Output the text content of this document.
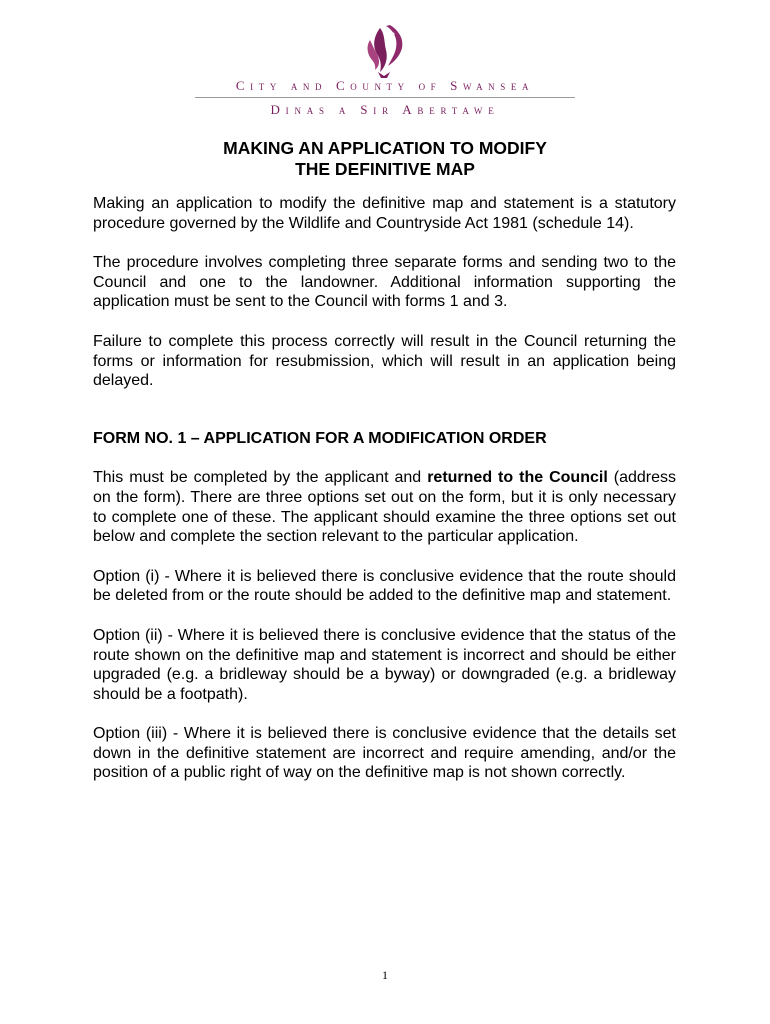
City and County of Swansea
Dinas a Sir Abertawe
MAKING AN APPLICATION TO MODIFY
THE DEFINITIVE MAP

Making an application to modify the definitive map and statement is a statutory procedure governed by the Wildlife and Countryside Act 1981 (schedule 14).

The procedure involves completing three separate forms and sending two to the Council and one to the landowner. Additional information supporting the application must be sent to the Council with forms 1 and 3.

Failure to complete this process correctly will result in the Council returning the forms or information for resubmission, which will result in an application being delayed.

FORM NO. 1 – APPLICATION FOR A MODIFICATION ORDER

This must be completed by the applicant and returned to the Council (address on the form). There are three options set out on the form, but it is only necessary to complete one of these. The applicant should examine the three options set out below and complete the section relevant to the particular application.

Option (i) - Where it is believed there is conclusive evidence that the route should be deleted from or the route should be added to the definitive map and statement.

Option (ii) - Where it is believed there is conclusive evidence that the status of the route shown on the definitive map and statement is incorrect and should be either upgraded (e.g. a bridleway should be a byway) or downgraded (e.g. a bridleway should be a footpath).

Option (iii) - Where it is believed there is conclusive evidence that the details set down in the definitive statement are incorrect and require amending, and/or the position of a public right of way on the definitive map is not shown correctly.

1
